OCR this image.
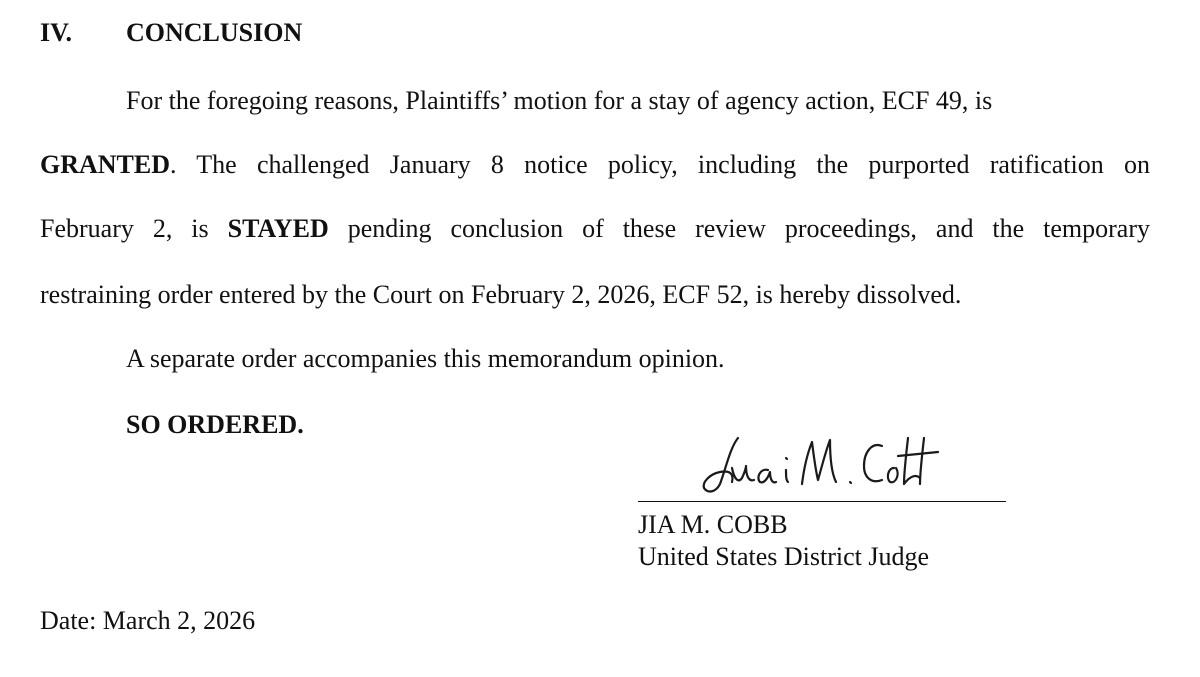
IV. CONCLUSION
For the foregoing reasons, Plaintiffs’ motion for a stay of agency action, ECF 49, is
GRANTED. The challenged January 8 notice policy, including the purported ratification on
February 2, is STAYED pending conclusion of these review proceedings, and the temporary
restraining order entered by the Court on February 2, 2026, ECF 52, is hereby dissolved.
A separate order accompanies this memorandum opinion.
SO ORDERED.
JIA M. COBB
United States District Judge
Date: March 2, 2026
